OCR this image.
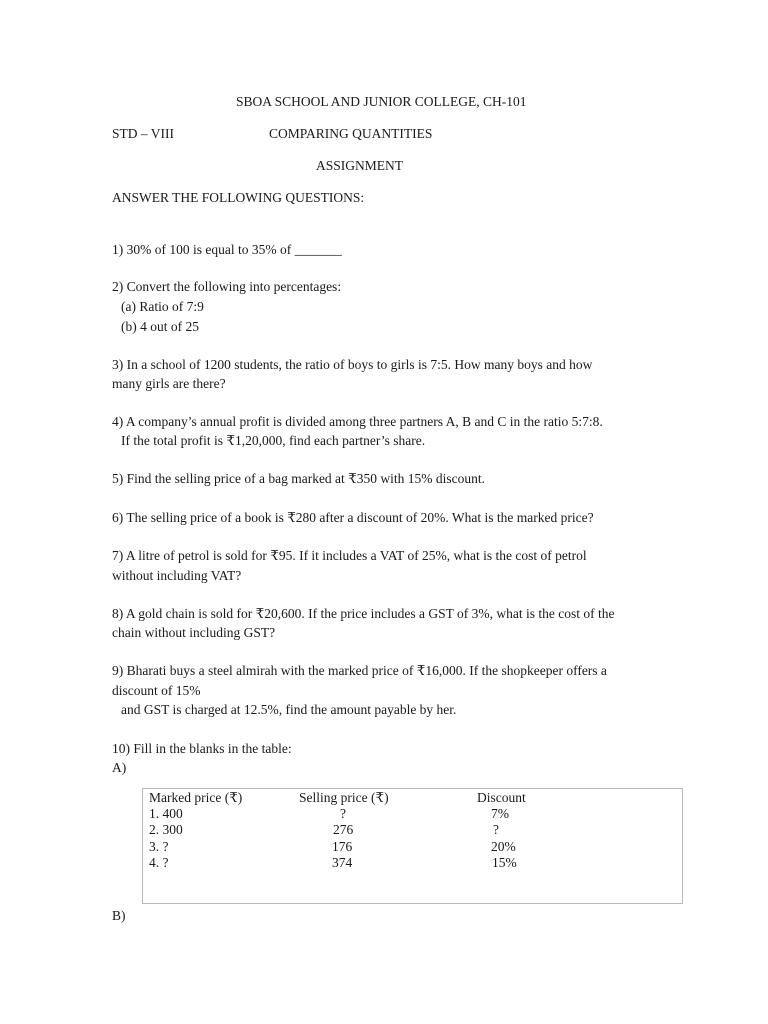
SBOA SCHOOL AND JUNIOR COLLEGE, CH-101
STD – VIII	COMPARING QUANTITIES
ASSIGNMENT
ANSWER THE FOLLOWING QUESTIONS:
1) 30% of 100 is equal to 35% of _______
2) Convert the following into percentages:
(a) Ratio of 7:9
(b) 4 out of 25
3) In a school of 1200 students, the ratio of boys to girls is 7:5. How many boys and how
many girls are there?
4) A company’s annual profit is divided among three partners A, B and C in the ratio 5:7:8.
If the total profit is ₹1,20,000, find each partner’s share.
5) Find the selling price of a bag marked at ₹350 with 15% discount.
6) The selling price of a book is ₹280 after a discount of 20%. What is the marked price?
7) A litre of petrol is sold for ₹95. If it includes a VAT of 25%, what is the cost of petrol
without including VAT?
8) A gold chain is sold for ₹20,600. If the price includes a GST of 3%, what is the cost of the
chain without including GST?
9) Bharati buys a steel almirah with the marked price of ₹16,000. If the shopkeeper offers a
discount of 15%
and GST is charged at 12.5%, find the amount payable by her.
10) Fill in the blanks in the table:
A)
Marked price (₹)	Selling price (₹)	Discount
1. 400	?	7%
2. 300	276	?
3. ?	176	20%
4. ?	374	15%
B)
